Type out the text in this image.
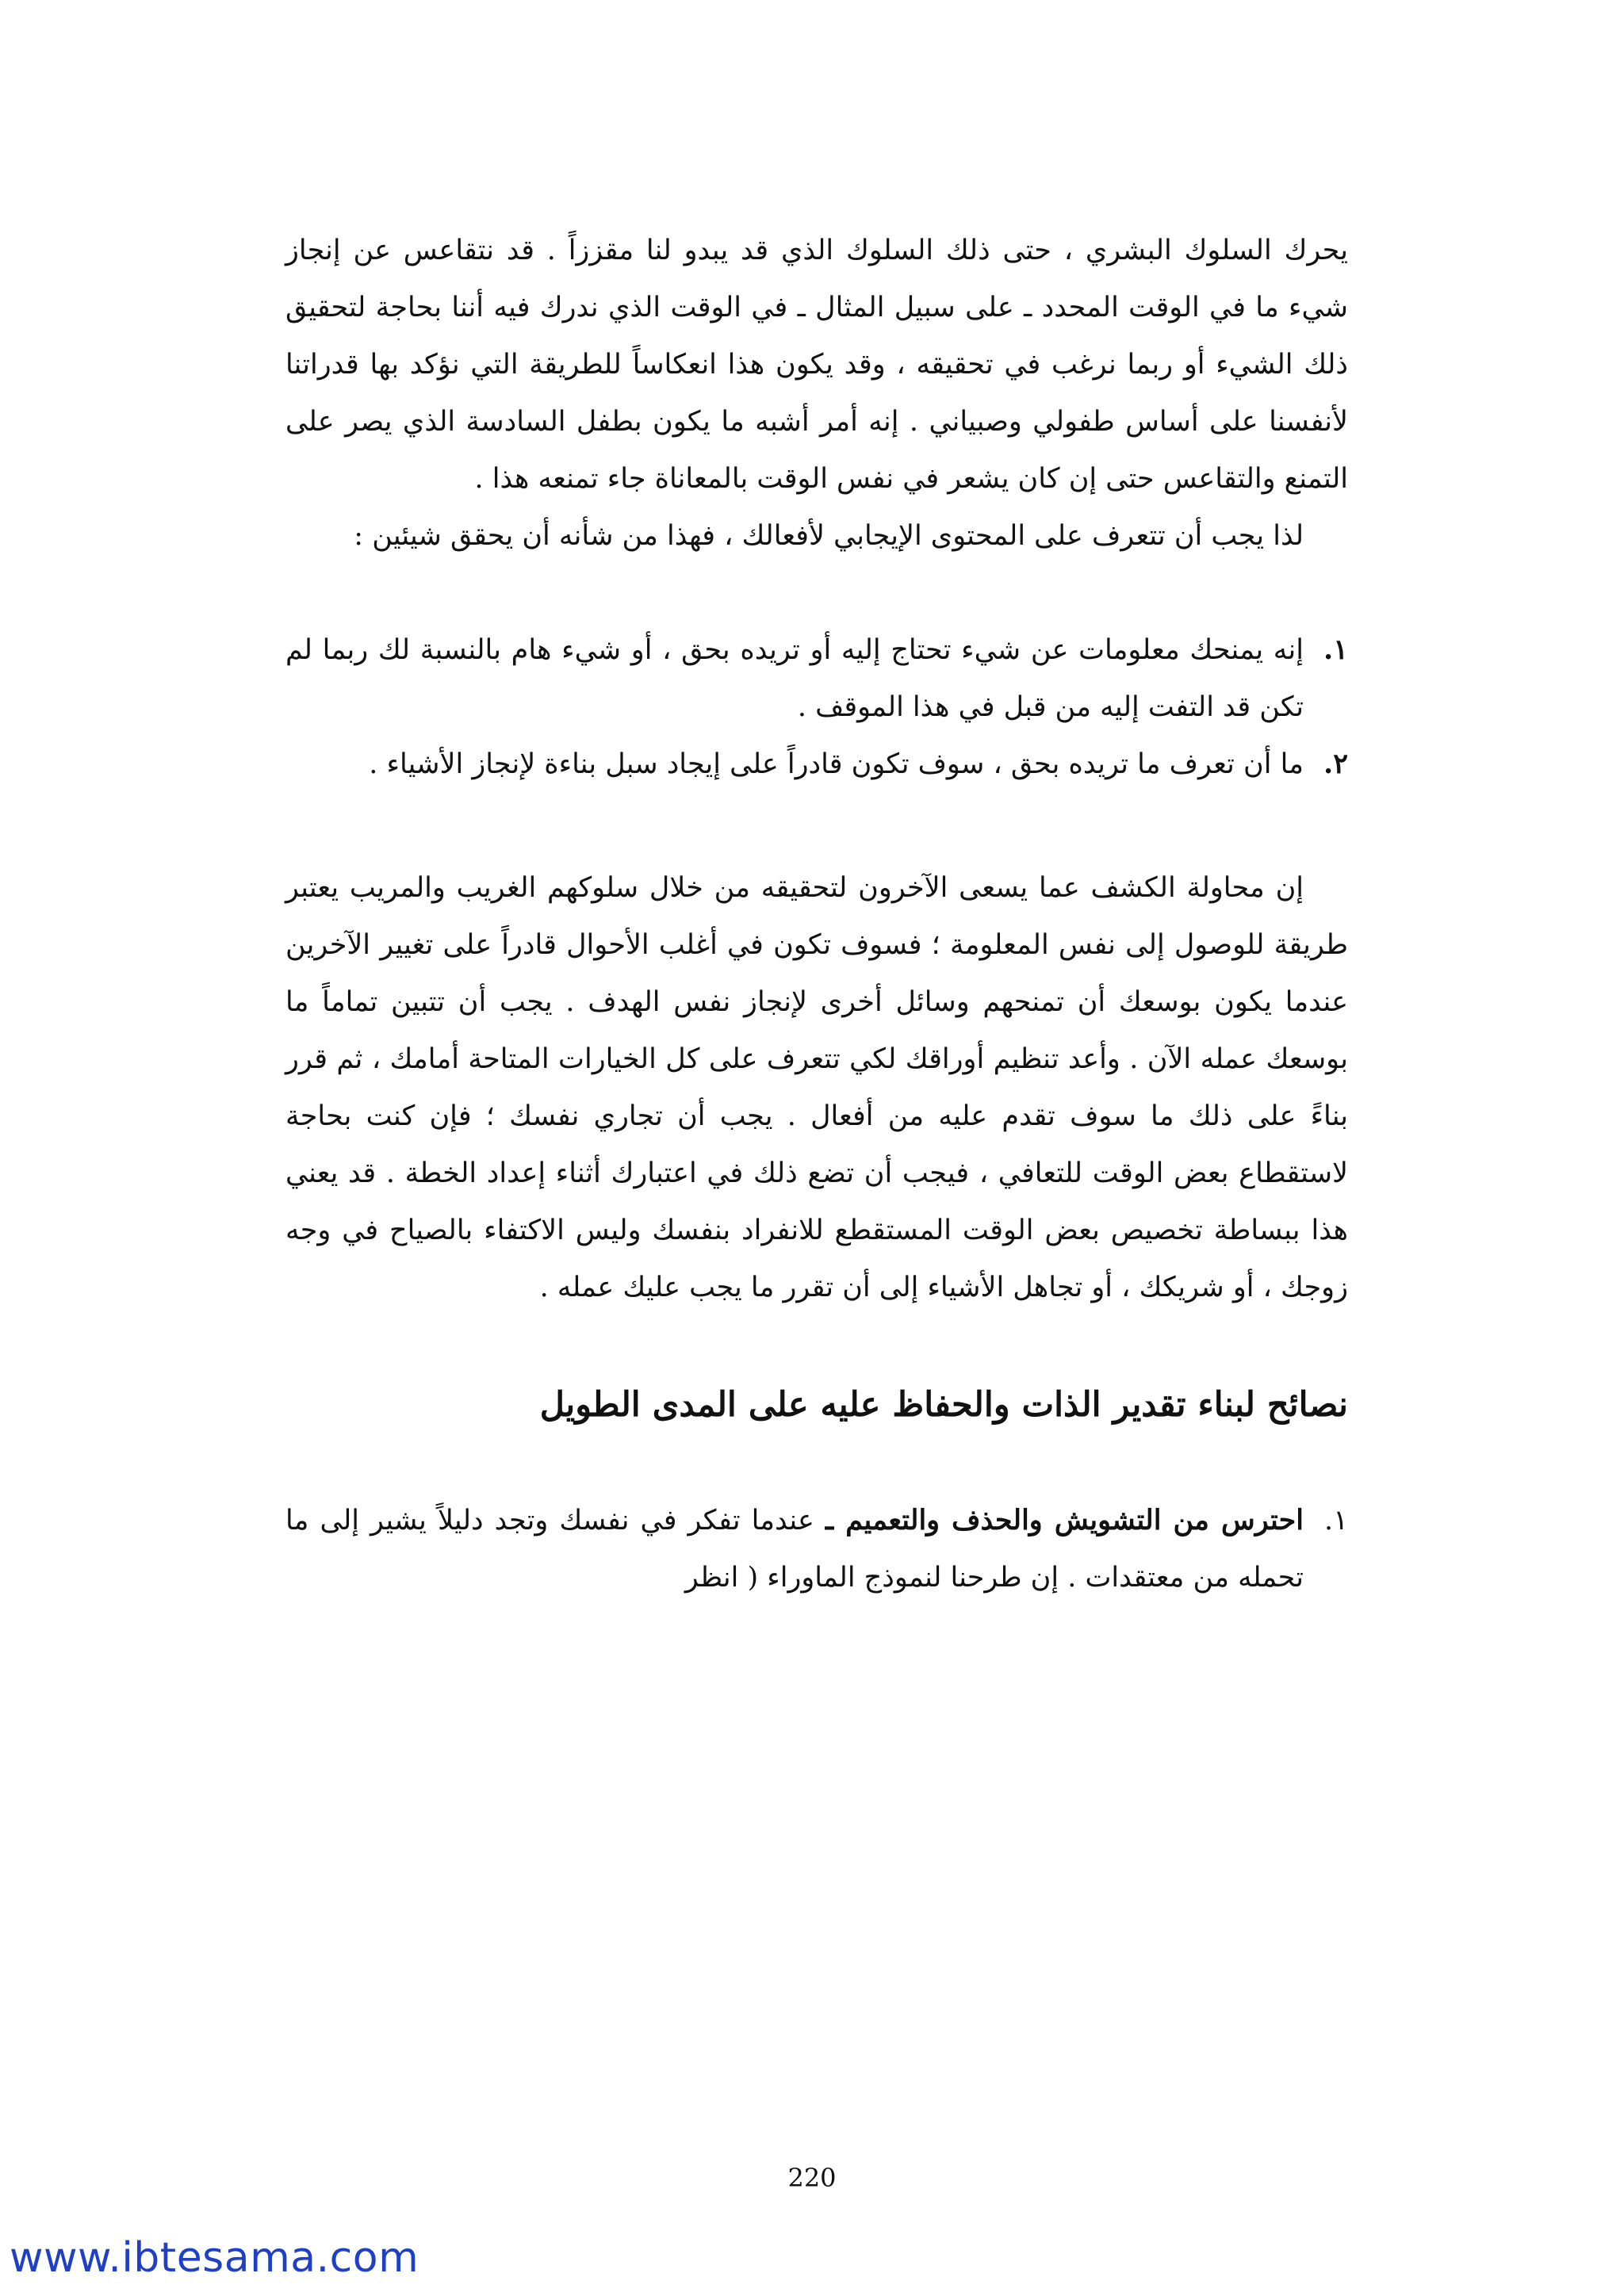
يحرك السلوك البشري ، حتى ذلك السلوك الذي قد يبدو لنا مقززاً . قد نتقاعس عن إنجاز شيء ما في الوقت المحدد ـ على سبيل المثال ـ في الوقت الذي ندرك فيه أننا بحاجة لتحقيق ذلك الشيء أو ربما نرغب في تحقيقه ، وقد يكون هذا انعكاساً للطريقة التي نؤكد بها قدراتنا لأنفسنا على أساس طفولي وصبياني . إنه أمر أشبه ما يكون بطفل السادسة الذي يصر على التمنع والتقاعس حتى إن كان يشعر في نفس الوقت بالمعاناة جاء تمنعه هذا .

لذا يجب أن تتعرف على المحتوى الإيجابي لأفعالك ، فهذا من شأنه أن يحقق شيئين :

١.
إنه يمنحك معلومات عن شيء تحتاج إليه أو تريده بحق ، أو شيء هام بالنسبة لك ربما لم تكن قد التفت إليه من قبل في هذا الموقف .

٢.
ما أن تعرف ما تريده بحق ، سوف تكون قادراً على إيجاد سبل بناءة لإنجاز الأشياء .

إن محاولة الكشف عما يسعى الآخرون لتحقيقه من خلال سلوكهم الغريب والمريب يعتبر طريقة للوصول إلى نفس المعلومة ؛ فسوف تكون في أغلب الأحوال قادراً على تغيير الآخرين عندما يكون بوسعك أن تمنحهم وسائل أخرى لإنجاز نفس الهدف . يجب أن تتبين تماماً ما بوسعك عمله الآن . وأعد تنظيم أوراقك لكي تتعرف على كل الخيارات المتاحة أمامك ، ثم قرر بناءً على ذلك ما سوف تقدم عليه من أفعال . يجب أن تجاري نفسك ؛ فإن كنت بحاجة لاستقطاع بعض الوقت للتعافي ، فيجب أن تضع ذلك في اعتبارك أثناء إعداد الخطة . قد يعني هذا ببساطة تخصيص بعض الوقت المستقطع للانفراد بنفسك وليس الاكتفاء بالصياح في وجه زوجك ، أو شريكك ، أو تجاهل الأشياء إلى أن تقرر ما يجب عليك عمله .

نصائح لبناء تقدير الذات والحفاظ عليه على المدى الطويل

١.
احترس من التشويش والحذف والتعميم ـ عندما تفكر في نفسك وتجد دليلاً يشير إلى ما تحمله من معتقدات . إن طرحنا لنموذج الماوراء ( انظر

220
www.ibtesama.com
